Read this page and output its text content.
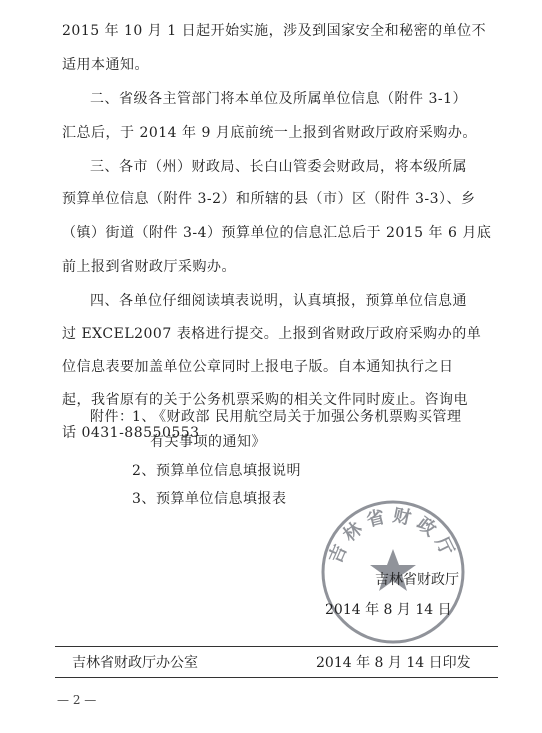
2015 年 10 月 1 日起开始实施，涉及到国家安全和秘密的单位不
适用本通知。
二、省级各主管部门将本单位及所属单位信息（附件 3-1）
汇总后，于 2014 年 9 月底前统一上报到省财政厅政府采购办。
三、各市（州）财政局、长白山管委会财政局，将本级所属
预算单位信息（附件 3-2）和所辖的县（市）区（附件 3-3）、乡
（镇）街道（附件 3-4）预算单位的信息汇总后于 2015 年 6 月底
前上报到省财政厅采购办。
四、各单位仔细阅读填表说明，认真填报，预算单位信息通
过 EXCEL2007 表格进行提交。上报到省财政厅政府采购办的单
位信息表要加盖单位公章同时上报电子版。自本通知执行之日
起，我省原有的关于公务机票采购的相关文件同时废止。咨询电
话 0431-88550553
附件：
1、
《财政部 民用航空局关于加强公务机票购买管理
有关事项的通知》
2、 预算单位信息填报说明
3、 预算单位信息填报表
吉林省财政厅
吉林省财政厅
2014 年 8 月 14 日
吉林省财政厅办公室	2014 年 8 月 14 日印发
— 2 —
